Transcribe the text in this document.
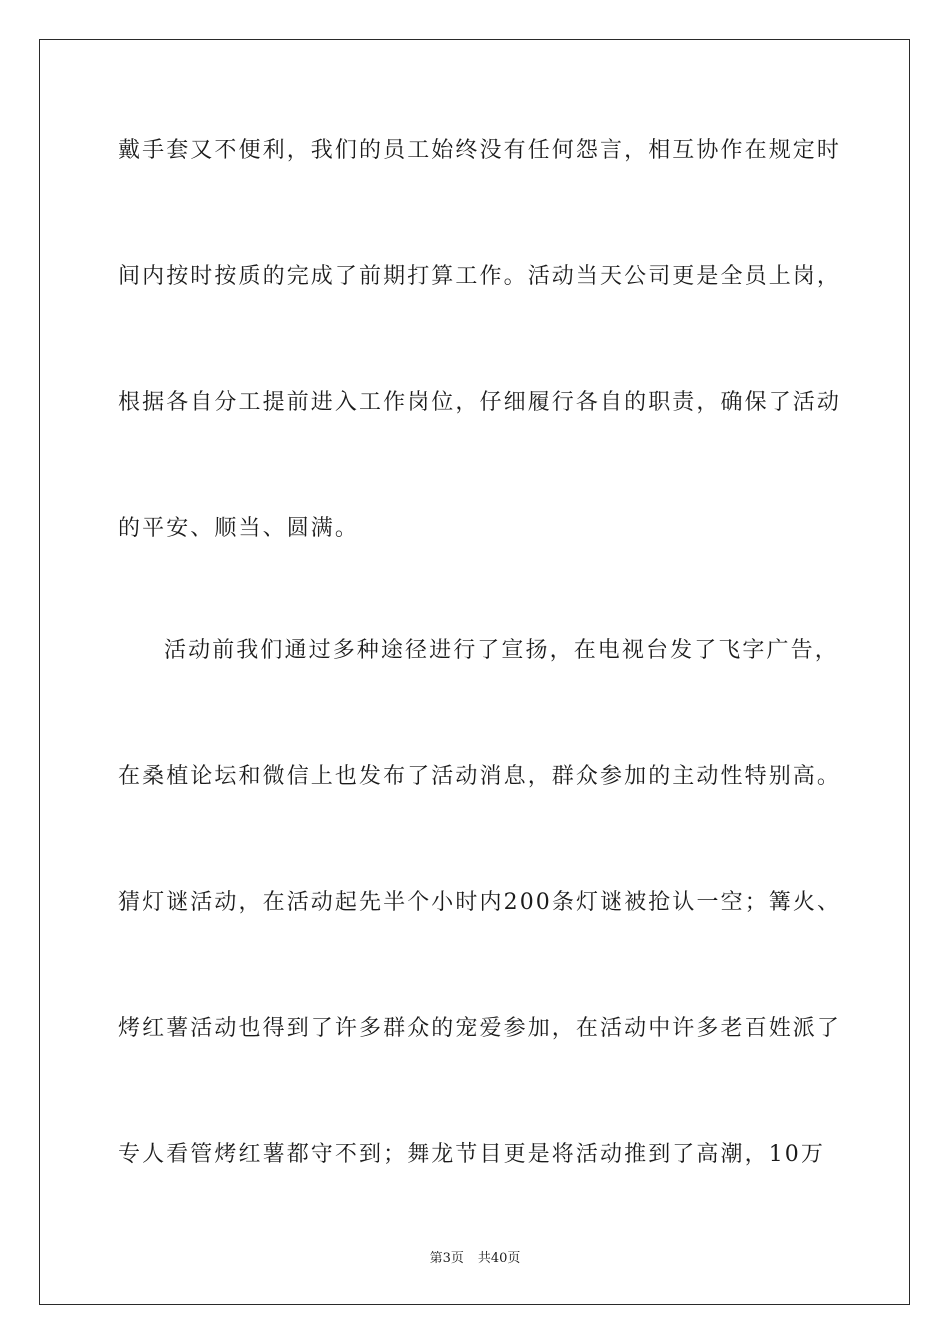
戴手套又不便利，我们的员工始终没有任何怨言，相互协作在规定时
间内按时按质的完成了前期打算工作。活动当天公司更是全员上岗，
根据各自分工提前进入工作岗位，仔细履行各自的职责，确保了活动
的平安、顺当、圆满。
活动前我们通过多种途径进行了宣扬，在电视台发了飞字广告，
在桑植论坛和微信上也发布了活动消息，群众参加的主动性特别高。
猜灯谜活动，在活动起先半个小时内200条灯谜被抢认一空；篝火、
烤红薯活动也得到了许多群众的宠爱参加，在活动中许多老百姓派了
专人看管烤红薯都守不到；舞龙节目更是将活动推到了高潮，10万
第3页 共40页
